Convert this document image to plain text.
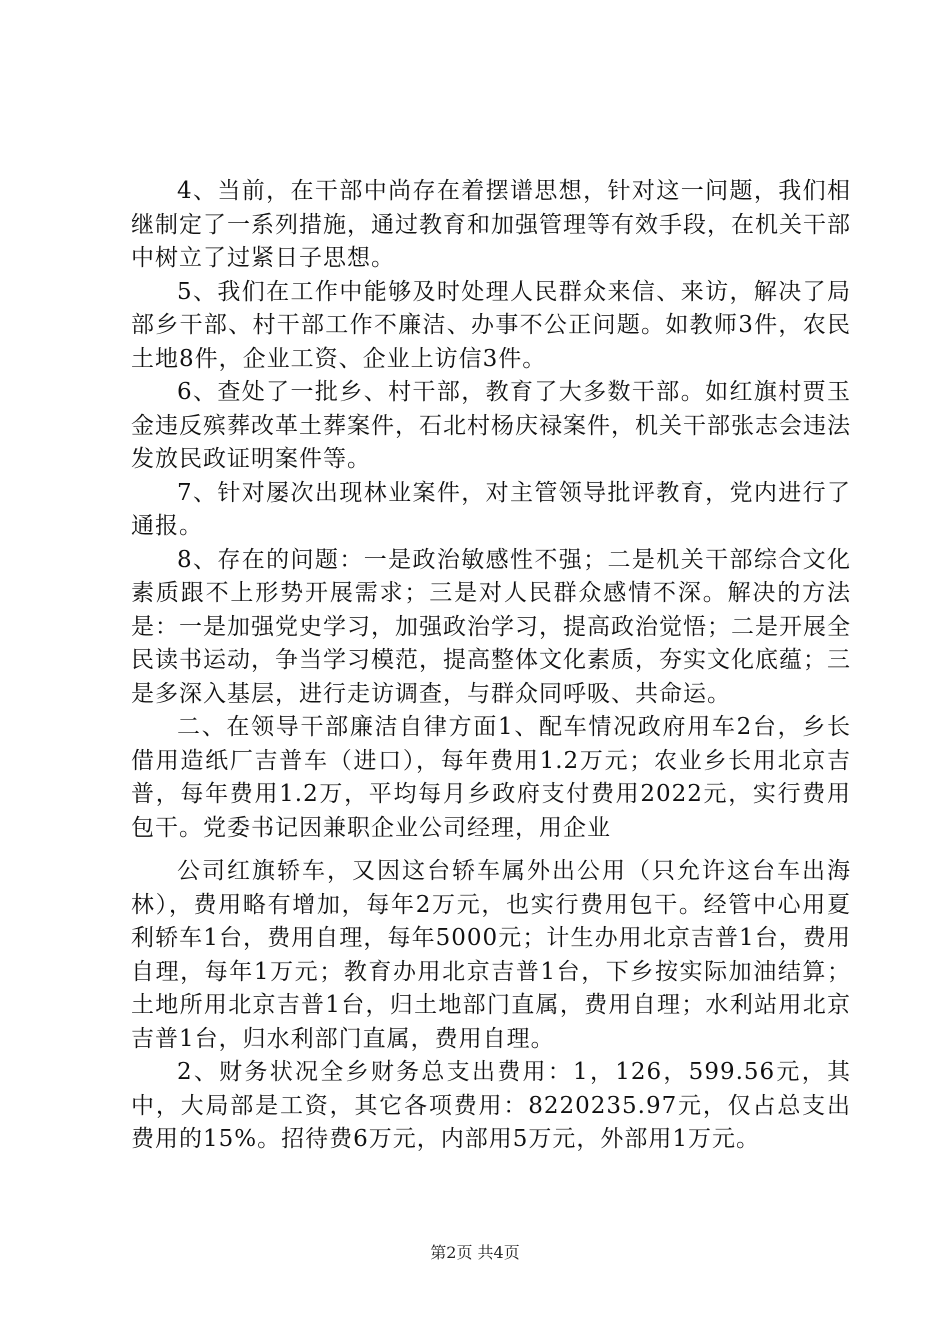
4、当前，在干部中尚存在着摆谱思想，针对这一问题，我们相继制定了一系列措施，通过教育和加强管理等有效手段，在机关干部中树立了过紧日子思想。

5、我们在工作中能够及时处理人民群众来信、来访，解决了局部乡干部、村干部工作不廉洁、办事不公正问题。如教师3件，农民土地8件，企业工资、企业上访信3件。

6、查处了一批乡、村干部，教育了大多数干部。如红旗村贾玉金违反殡葬改革土葬案件，石北村杨庆禄案件，机关干部张志会违法发放民政证明案件等。

7、针对屡次出现林业案件，对主管领导批评教育，党内进行了通报。

8、存在的问题：一是政治敏感性不强；二是机关干部综合文化素质跟不上形势开展需求；三是对人民群众感情不深。解决的方法是：一是加强党史学习，加强政治学习，提高政治觉悟；二是开展全民读书运动，争当学习模范，提高整体文化素质，夯实文化底蕴；三是多深入基层，进行走访调查，与群众同呼吸、共命运。

二、在领导干部廉洁自律方面1、配车情况政府用车2台，乡长借用造纸厂吉普车（进口），每年费用1.2万元；农业乡长用北京吉普，每年费用1.2万，平均每月乡政府支付费用2022元，实行费用包干。党委书记因兼职企业公司经理，用企业

公司红旗轿车，又因这台轿车属外出公用（只允许这台车出海林），费用略有增加，每年2万元，也实行费用包干。经管中心用夏利轿车1台，费用自理，每年5000元；计生办用北京吉普1台，费用自理，每年1万元；教育办用北京吉普1台，下乡按实际加油结算；土地所用北京吉普1台，归土地部门直属，费用自理；水利站用北京吉普1台，归水利部门直属，费用自理。

2、财务状况全乡财务总支出费用：1，126，599.56元，其中，大局部是工资，其它各项费用：8220235.97元，仅占总支出费用的15%。招待费6万元，内部用5万元，外部用1万元。

第2页 共4页
